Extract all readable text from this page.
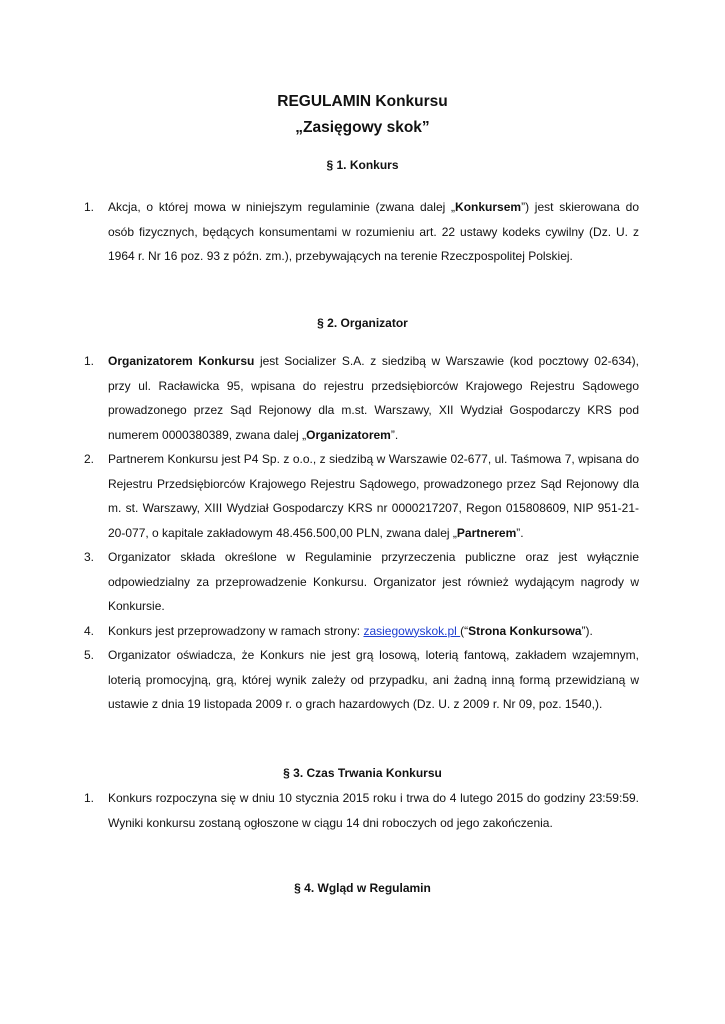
REGULAMIN Konkursu
„Zasięgowy skok”
§ 1. Konkurs
1. Akcja, o której mowa w niniejszym regulaminie (zwana dalej „Konkursem”) jest skierowana do osób fizycznych, będących konsumentami w rozumieniu art. 22 ustawy kodeks cywilny (Dz. U. z 1964 r. Nr 16 poz. 93 z późn. zm.), przebywających na terenie Rzeczpospolitej Polskiej.
§ 2. Organizator
1. Organizatorem Konkursu jest Socializer S.A. z siedzibą w Warszawie (kod pocztowy 02-634), przy ul. Racławicka 95, wpisana do rejestru przedsiębiorców Krajowego Rejestru Sądowego prowadzonego przez Sąd Rejonowy dla m.st. Warszawy, XII Wydział Gospodarczy KRS pod numerem 0000380389, zwana dalej „Organizatorem”.
2. Partnerem Konkursu jest P4 Sp. z o.o., z siedzibą w Warszawie 02-677, ul. Taśmowa 7, wpisana do Rejestru Przedsiębiorców Krajowego Rejestru Sądowego, prowadzonego przez Sąd Rejonowy dla m. st. Warszawy, XIII Wydział Gospodarczy KRS nr 0000217207, Regon 015808609, NIP 951-21-20-077, o kapitale zakładowym 48.456.500,00 PLN, zwana dalej „Partnerem”.
3. Organizator składa określone w Regulaminie przyrzeczenia publiczne oraz jest wyłącznie odpowiedzialny za przeprowadzenie Konkursu. Organizator jest również wydającym nagrody w Konkursie.
4. Konkurs jest przeprowadzony w ramach strony: zasiegowyskok.pl (“Strona Konkursowa”).
5. Organizator oświadcza, że Konkurs nie jest grą losową, loterią fantową, zakładem wzajemnym, loterią promocyjną, grą, której wynik zależy od przypadku, ani żadną inną formą przewidzianą w ustawie z dnia 19 listopada 2009 r. o grach hazardowych (Dz. U. z 2009 r. Nr 09, poz. 1540,).
§ 3. Czas Trwania Konkursu
1. Konkurs rozpoczyna się w dniu 10 stycznia 2015 roku i trwa do 4 lutego 2015 do godziny 23:59:59. Wyniki konkursu zostaną ogłoszone w ciągu 14 dni roboczych od jego zakończenia.
§ 4. Wgląd w Regulamin
